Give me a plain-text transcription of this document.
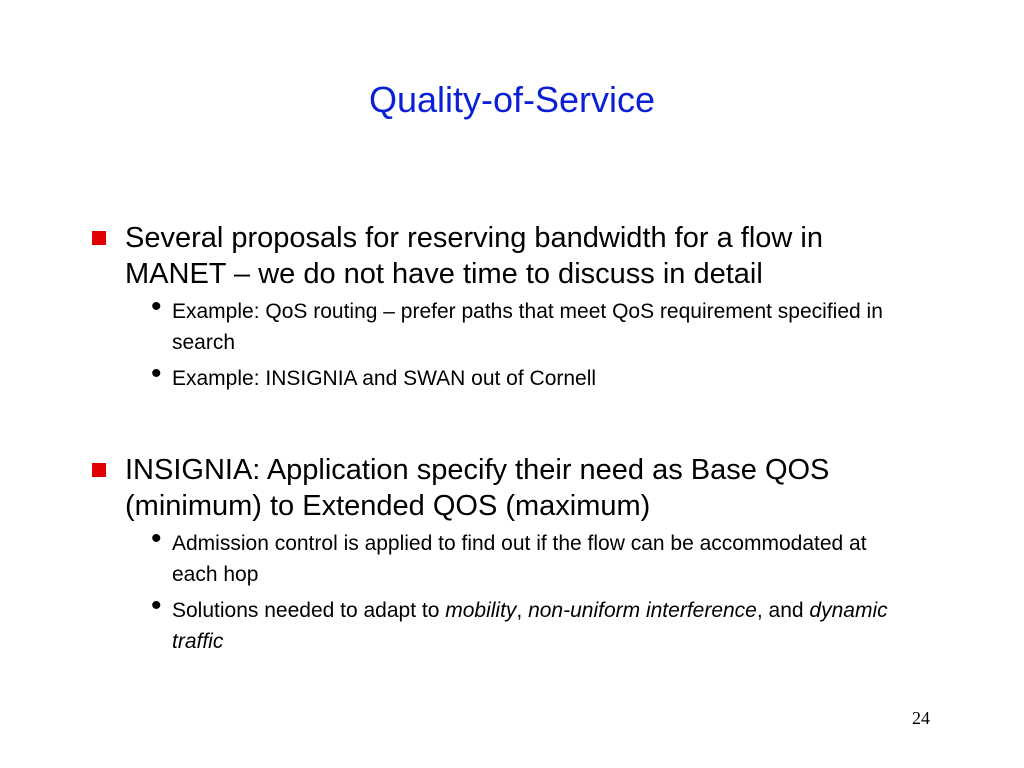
Quality-of-Service
Several proposals for reserving bandwidth for a flow in MANET – we do not have time to discuss in detail
• Example: QoS routing – prefer paths that meet QoS requirement specified in search
• Example: INSIGNIA and SWAN out of Cornell
INSIGNIA: Application specify their need as Base QOS (minimum) to Extended QOS (maximum)
• Admission control is applied to find out if the flow can be accommodated at each hop
• Solutions needed to adapt to mobility, non-uniform interference, and dynamic traffic
24
